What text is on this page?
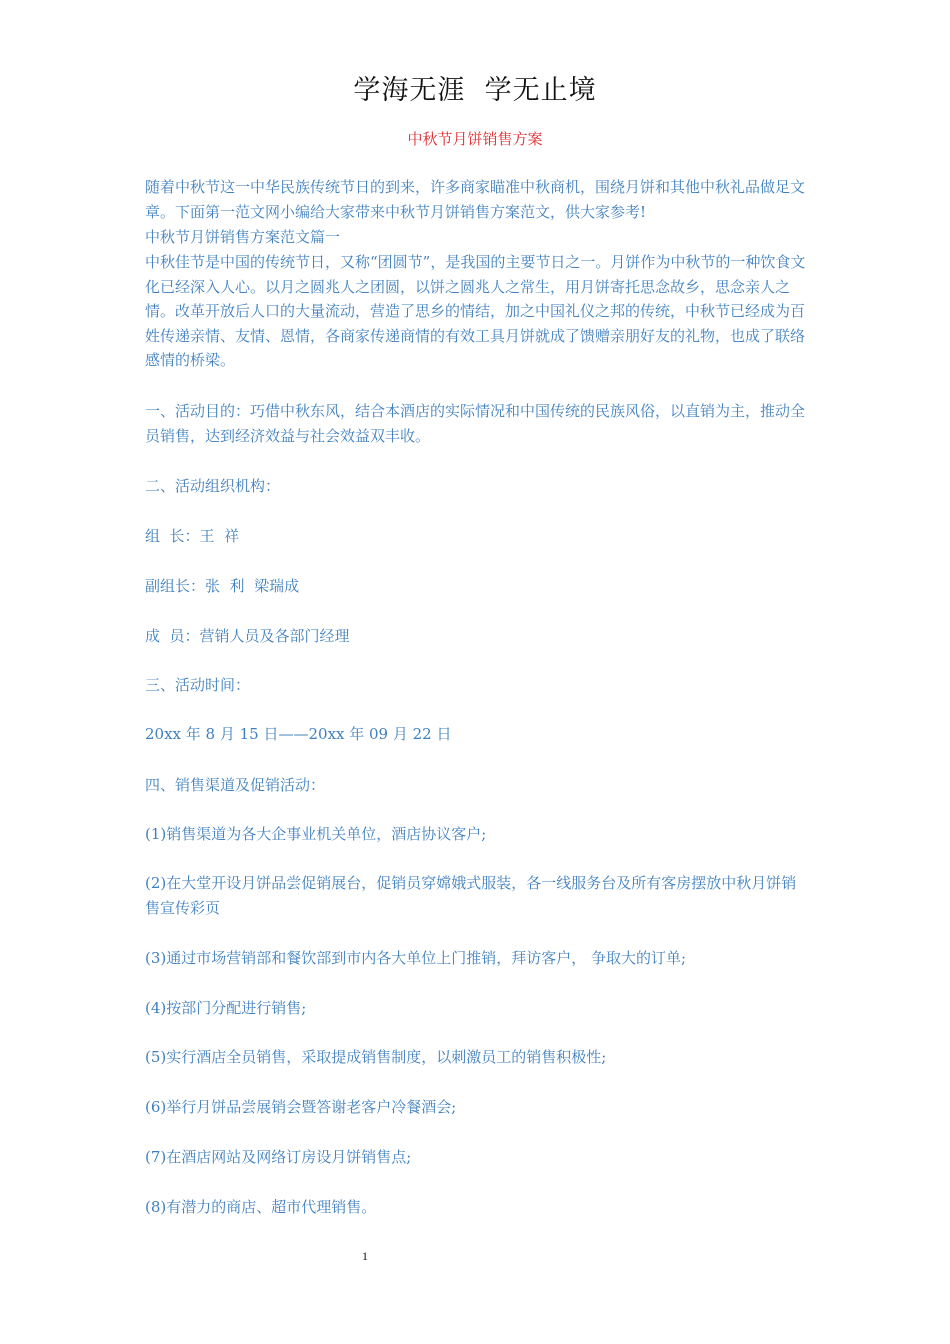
学海无涯  学无止境
中秋节月饼销售方案
随着中秋节这一中华民族传统节日的到来，许多商家瞄准中秋商机，围绕月饼和其他中秋礼品做足文章。下面第一范文网小编给大家带来中秋节月饼销售方案范文，供大家参考!
中秋节月饼销售方案范文篇一
中秋佳节是中国的传统节日，又称“团圆节”，是我国的主要节日之一。月饼作为中秋节的一种饮食文化已经深入人心。以月之圆兆人之团圆，以饼之圆兆人之常生，用月饼寄托思念故乡，思念亲人之情。改革开放后人口的大量流动，营造了思乡的情结，加之中国礼仪之邦的传统，中秋节已经成为百姓传递亲情、友情、恩情，各商家传递商情的有效工具月饼就成了馈赠亲朋好友的礼物，也成了联络感情的桥梁。
一、活动目的：巧借中秋东风，结合本酒店的实际情况和中国传统的民族风俗，以直销为主，推动全员销售，达到经济效益与社会效益双丰收。
二、活动组织机构：
组  长：王  祥
副组长：张  利  梁瑞成
成  员：营销人员及各部门经理
三、活动时间：
20xx 年 8 月 15 日——20xx 年 09 月 22 日
四、销售渠道及促销活动：
(1)销售渠道为各大企事业机关单位，酒店协议客户;
(2)在大堂开设月饼品尝促销展台，促销员穿嫦娥式服装，各一线服务台及所有客房摆放中秋月饼销售宣传彩页
(3)通过市场营销部和餐饮部到市内各大单位上门推销，拜访客户， 争取大的订单;
(4)按部门分配进行销售;
(5)实行酒店全员销售，采取提成销售制度，以刺激员工的销售积极性;
(6)举行月饼品尝展销会暨答谢老客户冷餐酒会;
(7)在酒店网站及网络订房设月饼销售点;
(8)有潜力的商店、超市代理销售。
1
